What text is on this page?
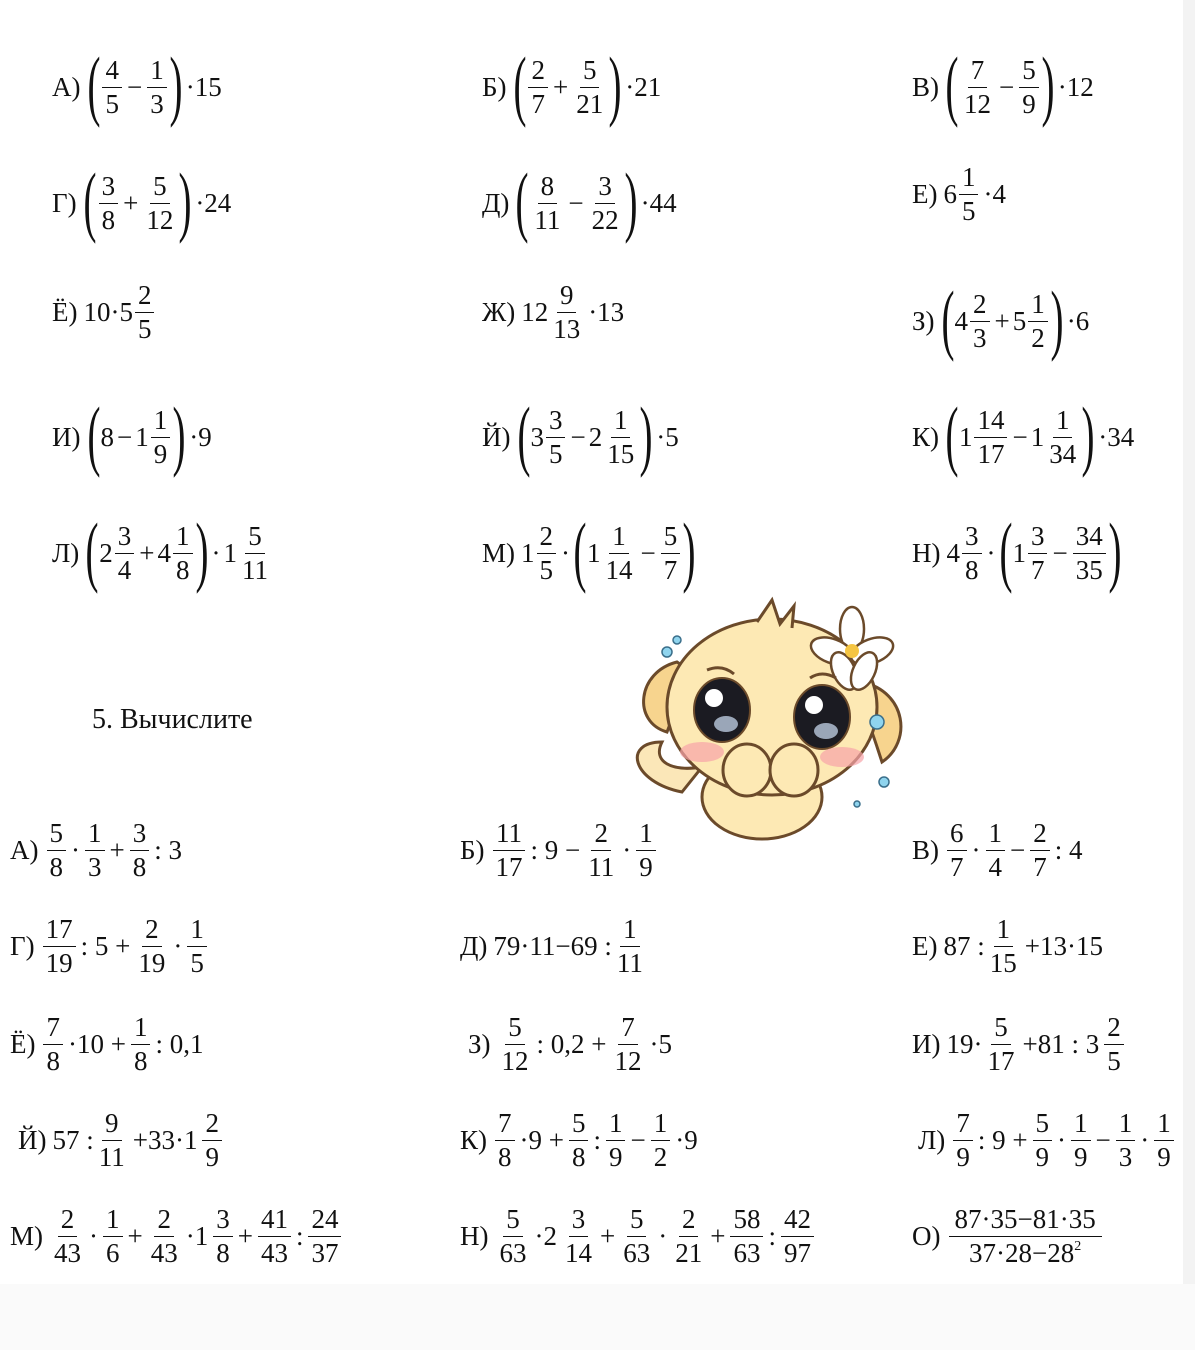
А) ( $\frac{4}{5} - \frac{1}{3}$ ) ·15	Б) ( $\frac{2}{7} + \frac{5}{21}$ ) ·21	В) ( $\frac{7}{12} - \frac{5}{9}$ ) ·12
Г) ( $\frac{3}{8} + \frac{5}{12}$ ) ·24	Д) ( $\frac{8}{11} - \frac{3}{22}$ ) ·44	Е) $6 \frac{1}{5} \cdot 4$
Ё) $10\cdot 5 \frac{2}{5}$	Ж) $12 \frac{9}{13} \cdot 13$	З) ( $4 \frac{2}{3} + 5 \frac{1}{2}$ ) ·6
И) ( $8 - 1 \frac{1}{9}$ ) ·9	Й) ( $3 \frac{3}{5} - 2 \frac{1}{15}$ ) ·5	К) ( $1 \frac{14}{17} - 1 \frac{1}{34}$ ) ·34
Л) ( $2 \frac{3}{4} + 4 \frac{1}{8}$ ) · $1 \frac{5}{11}$	М) $1 \frac{2}{5}$ · ( $1 \frac{1}{14} - \frac{5}{7}$ )	Н) $4 \frac{3}{8}$ · ( $1 \frac{3}{7} - \frac{34}{35}$ )
5. Вычислите
$А) \frac{5}{8} \cdot \frac{1}{3} + \frac{3}{8}$ : 3	$Б) \frac{11}{17}$ : $9 - \frac{2}{11} \cdot \frac{1}{9}$	$В) \frac{6}{7} \cdot \frac{1}{4} - \frac{2}{7}$ : 4
$Г) \frac{17}{19}$ : $5 + \frac{2}{19} \cdot \frac{1}{5}$	Д) 79·11−69 : $\frac{1}{11}$	Е) 87 : $\frac{1}{15} +13\cdot 15$
$Ё) \frac{7}{8} \cdot 10 + \frac{1}{8}$ : 0,1	$З) \frac{5}{12}$ : $0,2 + \frac{7}{12} \cdot 5$	И) $19\cdot \frac{5}{17} +81$ : $3 \frac{2}{5}$
Й) 57 : $\frac{9}{11} +33\cdot 1 \frac{2}{9}$	$К) \frac{7}{8} \cdot 9 + \frac{5}{8}$ : $\frac{1}{9} - \frac{1}{2} \cdot 9$	$Л) \frac{7}{9}$ : $9 + \frac{5}{9} \cdot \frac{1}{9} - \frac{1}{3} \cdot \frac{1}{9}$
$М) \frac{2}{43} \cdot \frac{1}{6} + \frac{2}{43} \cdot 1 \frac{3}{8} + \frac{41}{43}$ : $\frac{24}{37}$	$Н) \frac{5}{63} \cdot 2 \frac{3}{14} + \frac{5}{63} \cdot \frac{2}{21} + \frac{58}{63}$ : $\frac{42}{97}$	$О) \frac{87\cdot 35-81\cdot 35}{37\cdot 28-28^2}$
